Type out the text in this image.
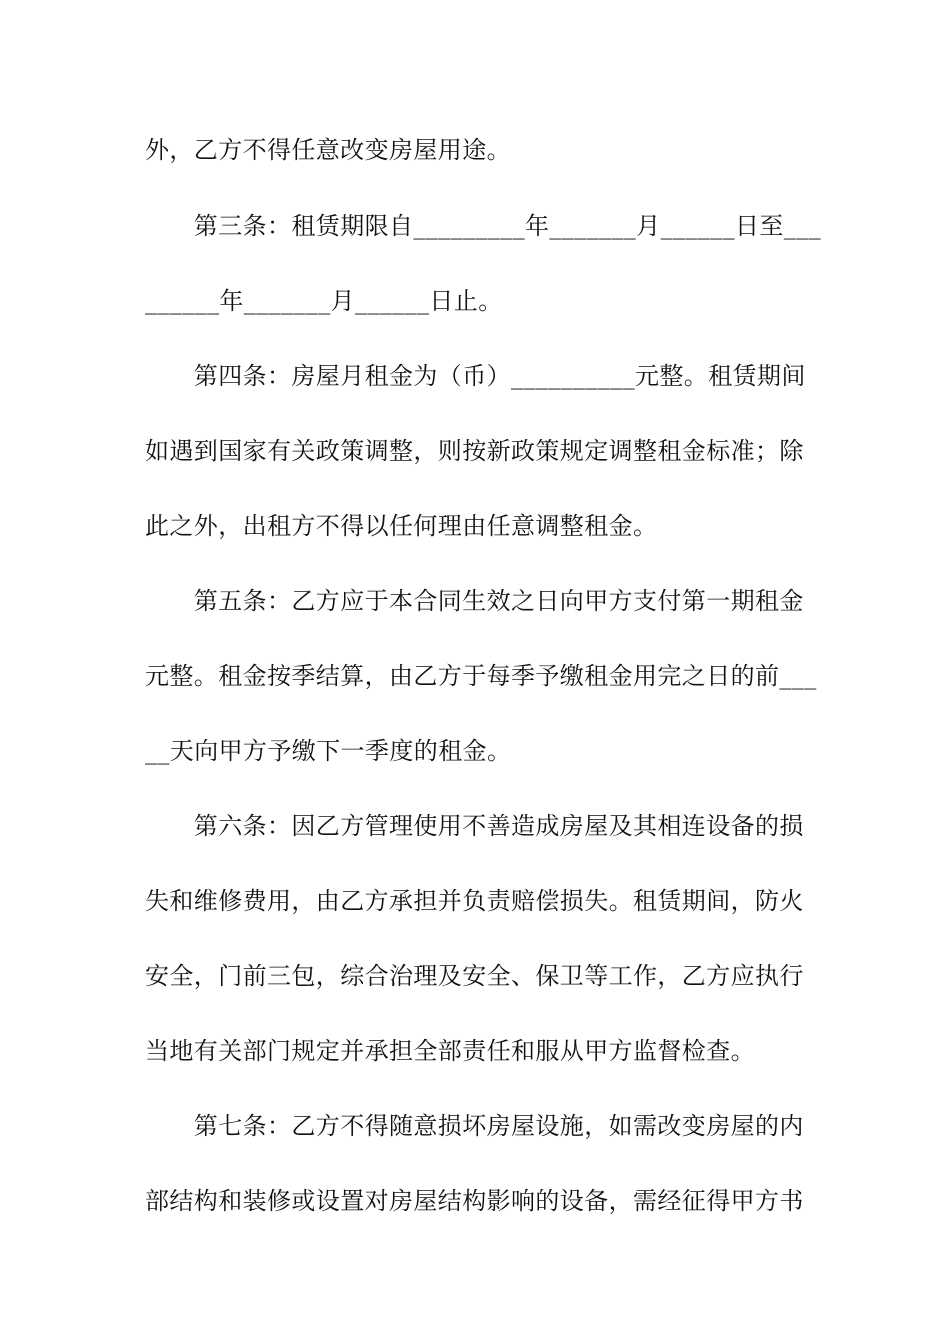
外，乙方不得任意改变房屋用途。
　　第三条：租赁期限自_________年_______月______日至___
______年_______月______日止。
　　第四条：房屋月租金为（币）__________元整。租赁期间
如遇到国家有关政策调整，则按新政策规定调整租金标准；除
此之外，出租方不得以任何理由任意调整租金。
　　第五条：乙方应于本合同生效之日向甲方支付第一期租金
元整。租金按季结算，由乙方于每季予缴租金用完之日的前___
__天向甲方予缴下一季度的租金。
　　第六条：因乙方管理使用不善造成房屋及其相连设备的损
失和维修费用，由乙方承担并负责赔偿损失。租赁期间，防火
安全，门前三包，综合治理及安全、保卫等工作，乙方应执行
当地有关部门规定并承担全部责任和服从甲方监督检查。
　　第七条：乙方不得随意损坏房屋设施，如需改变房屋的内
部结构和装修或设置对房屋结构影响的设备，需经征得甲方书
